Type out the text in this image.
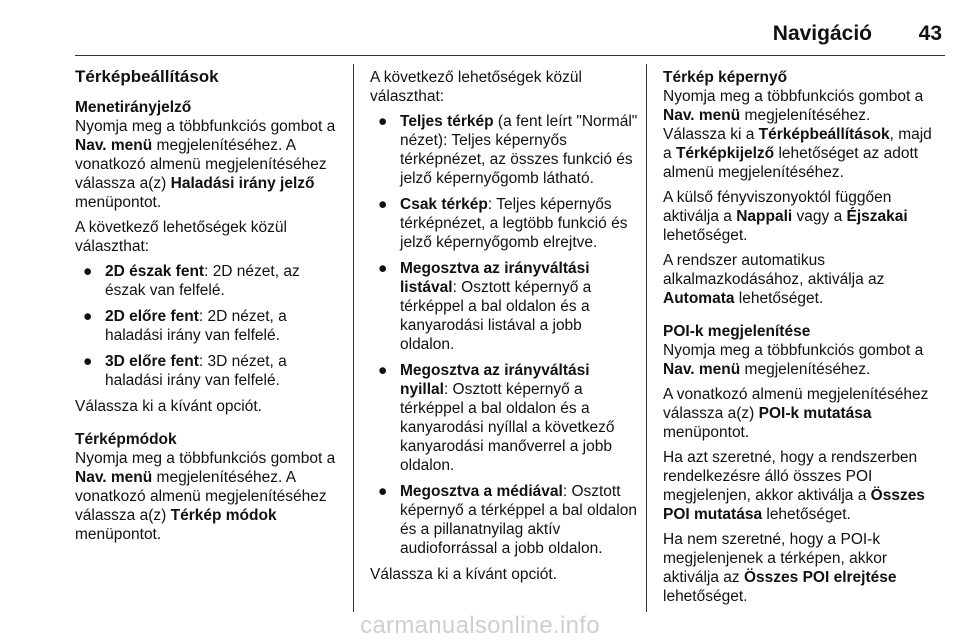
Navigáció	43
Térképbeállítások
Menetirányjelző

Nyomja meg a többfunkciós gombot a Nav. menü megjelenítéséhez. A vonatkozó almenü megjelenítéséhez válassza a(z) Haladási irány jelző menüpontot.

A következő lehetőségek közül választhat:

● 2D észak fent: 2D nézet, az észak van felfelé.
● 2D előre fent: 2D nézet, a haladási irány van felfelé.
● 3D előre fent: 3D nézet, a haladási irány van felfelé.

Válassza ki a kívánt opciót.

Térképmódok

Nyomja meg a többfunkciós gombot a Nav. menü megjelenítéséhez. A vonatkozó almenü megjelenítéséhez válassza a(z) Térkép módok menüpontot.

A következő lehetőségek közül választhat:

● Teljes térkép (a fent leírt "Normál" nézet): Teljes képernyős térképnézet, az összes funkció és jelző képernyőgomb látható.
● Csak térkép: Teljes képernyős térképnézet, a legtöbb funkció és jelző képernyőgomb elrejtve.
● Megosztva az irányváltási listával: Osztott képernyő a térképpel a bal oldalon és a kanyarodási listával a jobb oldalon.
● Megosztva az irányváltási nyillal: Osztott képernyő a térképpel a bal oldalon és a kanyarodási nyíllal a következő kanyarodási manőverrel a jobb oldalon.
● Megosztva a médiával: Osztott képernyő a térképpel a bal oldalon és a pillanatnyilag aktív audioforrással a jobb oldalon.

Válassza ki a kívánt opciót.

Térkép képernyő

Nyomja meg a többfunkciós gombot a Nav. menü megjelenítéséhez. Válassza ki a Térképbeállítások, majd a Térképkijelző lehetőséget az adott almenü megjelenítéséhez.

A külső fényviszonyoktól függően aktiválja a Nappali vagy a Éjszakai lehetőséget.

A rendszer automatikus alkalmazkodásához, aktiválja az Automata lehetőséget.

POI-k megjelenítése

Nyomja meg a többfunkciós gombot a Nav. menü megjelenítéséhez.

A vonatkozó almenü megjelenítéséhez válassza a(z) POI-k mutatása menüpontot.

Ha azt szeretné, hogy a rendszerben rendelkezésre álló összes POI megjelenjen, akkor aktiválja a Összes POI mutatása lehetőséget.

Ha nem szeretné, hogy a POI-k megjelenjenek a térképen, akkor aktiválja az Összes POI elrejtése lehetőséget.

carmanualsonline.info
